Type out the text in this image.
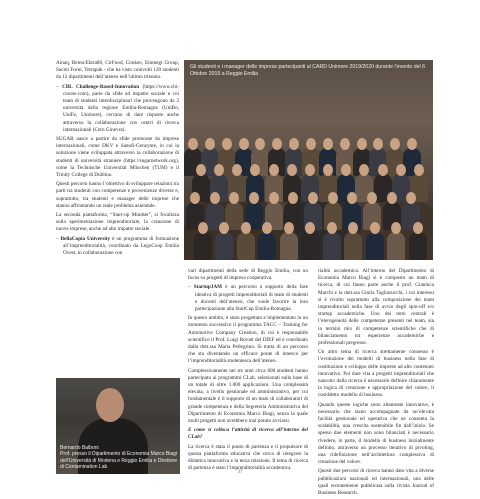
Ainaq, Bemo/Ektra80, CirFood, Cookeo, Emmegi Group, Sacmi Forni, Tetrapak - che ha visto coinvolti 120 studenti da 12 dipartimenti dell’ateneo nell’ultimo triennio.

– CBL Challenge-Based-Innovation (https://www.cbi-course.com), parte da sfide ad impatto sociale e coi team di studenti interdisciplinari che provengono da 3 università della regione Emilia-Romagna (UniBo, UniFe, Unimore), cercano di dare risposte anche attraverso la collaborazione con centri di ricerca internazionali (Cern Ginevra).

SUGAR nasce a partire da sfide promosse da imprese internazionali, come DKV e Sanofi-Genzyme, in cui la soluzione viene sviluppata attraverso la collaborazione di studenti di università straniere (https://sugarnetwork.org), come la Technische Universität München (TUM) e il Trinity College di Dublino.

Questi percorsi hanno l’obiettivo di sviluppare relazioni tra parti tra studenti con competenze e provenienze diverse e, soprattutto, tra studenti e manager delle imprese che stanno affrontando un reale problema aziendale.

La seconda piattaforma, “Start-up Mindset”, si focalizza sulla sperimentazione imprenditoriale, la creazione di nuove imprese, anche ad alto impatto sociale.

– BellaCopia University è un programma di formazione all’imprenditorialità, coordinato da LegoCoop Emilia Ovest, in collaborazione con

Gli studenti e i manager delle imprese partecipanti al CARD Unimore 2019/2020 durante l’evento del 6 Ottobre 2019 a Reggio Emilia
Bernardo Balboni
Prof. presso il Dipartimento di Economia Marco Biagi dell’Università di Modena e Reggio Emilia e Direttore di Contamination Lab

vari dipartimenti della sede di Reggio Emilia, con un focus su progetti di impresa cooperativa.

– StartupJAM è un percorso a supporto della fase ideativa di progetti imprenditoriali di team di studenti e docenti dell’ateneo, che vuole favorire la loro partecipazione alla StartCup Emilia-Romagna.

In questo ambito, è stato progettato e implementato in un momento successivo il programma TACC – Training for Automotive Company Creation, di cui è responsabile scientifico il Prof. Luigi Rovati del DIEF ed è coordinato dalla dott.ssa Maria Pellegrino. Si tratta di un percorso che sta diventando un efficace ponte di innesco per l’imprenditorialità studentesca dell’ateneo.

Complessivamente nei tre anni circa 600 studenti hanno partecipato ai programmi CLab, selezionati sulla base di un totale di oltre 1.000 applicazioni. Una complessità elevata, a livello gestionale ed amministrativo, per cui fondamentale è il supporto di un team di collaboratori di grande competenza e della Segreteria Amministrativa del Dipartimento di Economia Marco Biagi, senza la quale molti progetti non avrebbero mai potuto avviarsi.

E come si colloca l’attività di ricerca all’interno del CLab?

La ricerca è stata il punto di partenza e il propulsore di questa piattaforma educativa che cerca di integrare la didattica innovativa e la terza missione. Il tema di ricerca di partenza è stato l’imprenditorialità accademica.

rialità accademica. All’interno del Dipartimento di Economia Marco Biagi si è composto un team di ricerca, di cui fanno parte anche il prof. Gianluca Marchi e la dott.ssa Giulia Tagliazucchi, i cui interessi si è rivolto soprattutto alla composizione dei team imprenditoriali nella fase di avvio degli spin-off e/o startup accademiche. Uno dei temi centrali è l’eterogeneità delle competenze presenti nel team, sia in termini mix di competenze scientifiche che di bilanciamento tra esperienze accademiche e professionali pregresse.

Un altro tema di ricerca strettamente connesso è l’evoluzione dei modelli di business nella fase di costituzione e sviluppo delle imprese ad alto contenuto innovativo. Poi dare vita a progetti imprenditoriali che nascono dalla ricerca è necessario definire chiaramente la logica di creazione e appropriazione del valore, il cosiddetto modello di business.

Quando queste logiche sono altamente innovative, è necessario che siano accompagnate da un’elevata facilità gestionale ed operativa che ne consenta la scalabilità, una crescita sostenibile fin dall’inizio. Se spesso due elementi non sono bilanciati è necessario rivedere, in parte, il modello di business inizialmente definito, attraverso un processo iterativo di pivoting, una ridefinizione nell’architettura complessiva di creazione del valore.

Questi due percorsi di ricerca hanno dato vita a diverse pubblicazioni nazionali ed internazionali, una delle quali recentemente pubblicata sulla rivista Journal of Business Research.

37
